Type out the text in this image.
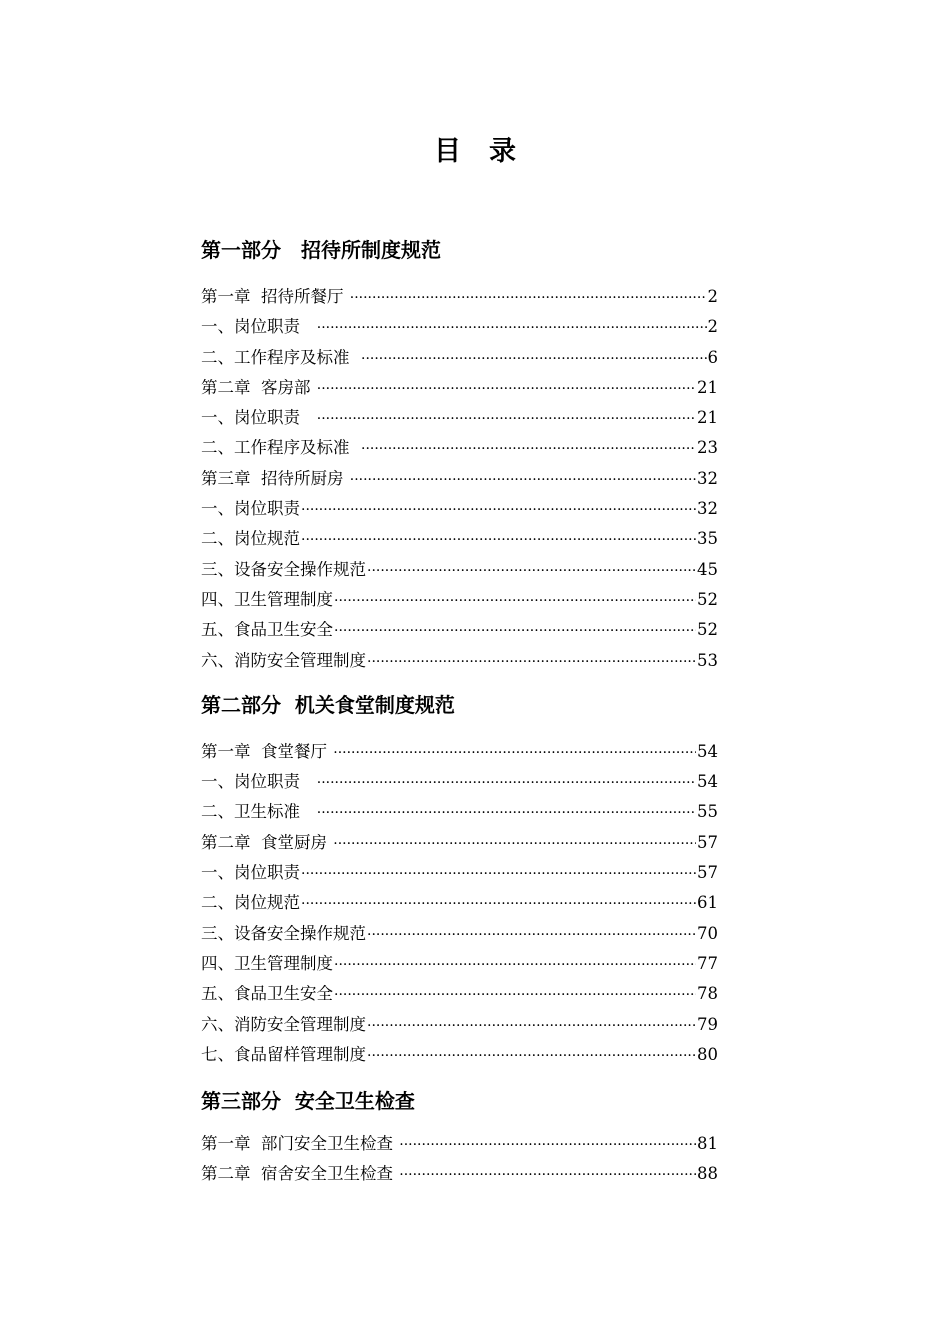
目 录
第一部分　招待所制度规范
第一章  招待所餐厅 ·····	2
一、岗位职责 ·····	2
二、工作程序及标准 ·····	6
第二章  客房部 ·····	21
一、岗位职责 ·····	21
二、工作程序及标准 ·····	23
第三章  招待所厨房 ·····	32
一、岗位职责 ·····	32
二、岗位规范 ·····	35
三、设备安全操作规范 ·····	45
四、卫生管理制度 ·····	52
五、食品卫生安全 ·····	52
六、消防安全管理制度 ·····	53
第二部分  机关食堂制度规范
第一章  食堂餐厅 ·····	54
一、岗位职责 ·····	54
二、卫生标准 ·····	55
第二章  食堂厨房 ·····	57
一、岗位职责 ·····	57
二、岗位规范 ·····	61
三、设备安全操作规范 ·····	70
四、卫生管理制度 ·····	77
五、食品卫生安全 ·····	78
六、消防安全管理制度 ·····	79
七、食品留样管理制度 ·····	80
第三部分  安全卫生检查
第一章  部门安全卫生检查 ·····	81
第二章  宿舍安全卫生检查 ·····	88
